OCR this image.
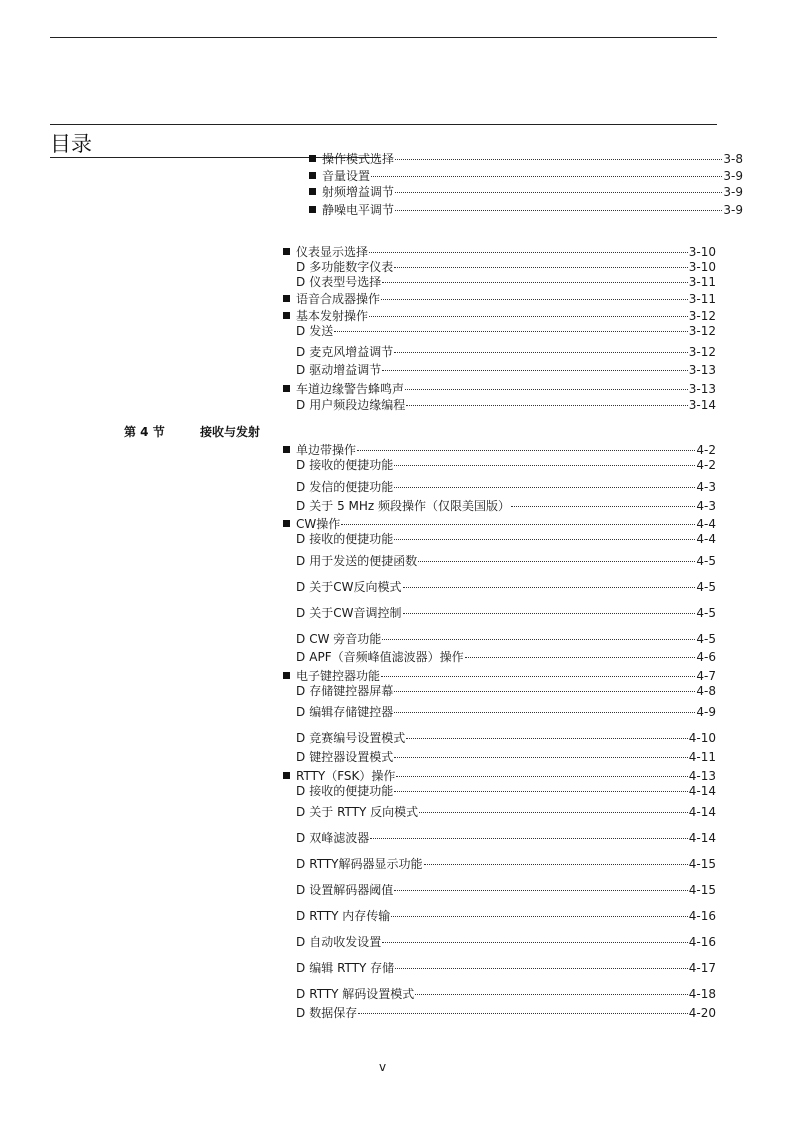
目录
操作模式选择	3-8
音量设置	3-9
射频增益调节	3-9
静噪电平调节	3-9
仪表显示选择	3-10
D 多功能数字仪表	3-10
D 仪表型号选择	3-11
语音合成器操作	3-11
基本发射操作	3-12
D 发送	3-12
D 麦克风增益调节	3-12
D 驱动增益调节	3-13
车道边缘警告蜂鸣声	3-13
D 用户频段边缘编程	3-14
第 4 节	接收与发射
单边带操作	4-2
D 接收的便捷功能	4-2
D 发信的便捷功能	4-3
D 关于 5 MHz 频段操作（仅限美国版）	4-3
CW操作	4-4
D 接收的便捷功能	4-4
D 用于发送的便捷函数	4-5
D 关于CW反向模式	4-5
D 关于CW音调控制	4-5
D CW 旁音功能	4-5
D APF（音频峰值滤波器）操作	4-6
电子键控器功能	4-7
D 存储键控器屏幕	4-8
D 编辑存储键控器	4-9
D 竞赛编号设置模式	4-10
D 键控器设置模式	4-11
RTTY（FSK）操作	4-13
D 接收的便捷功能	4-14
D 关于 RTTY 反向模式	4-14
D 双峰滤波器	4-14
D RTTY解码器显示功能	4-15
D 设置解码器阈值	4-15
D RTTY 内存传输	4-16
D 自动收发设置	4-16
D 编辑 RTTY 存储	4-17
D RTTY 解码设置模式	4-18
D 数据保存	4-20
v
